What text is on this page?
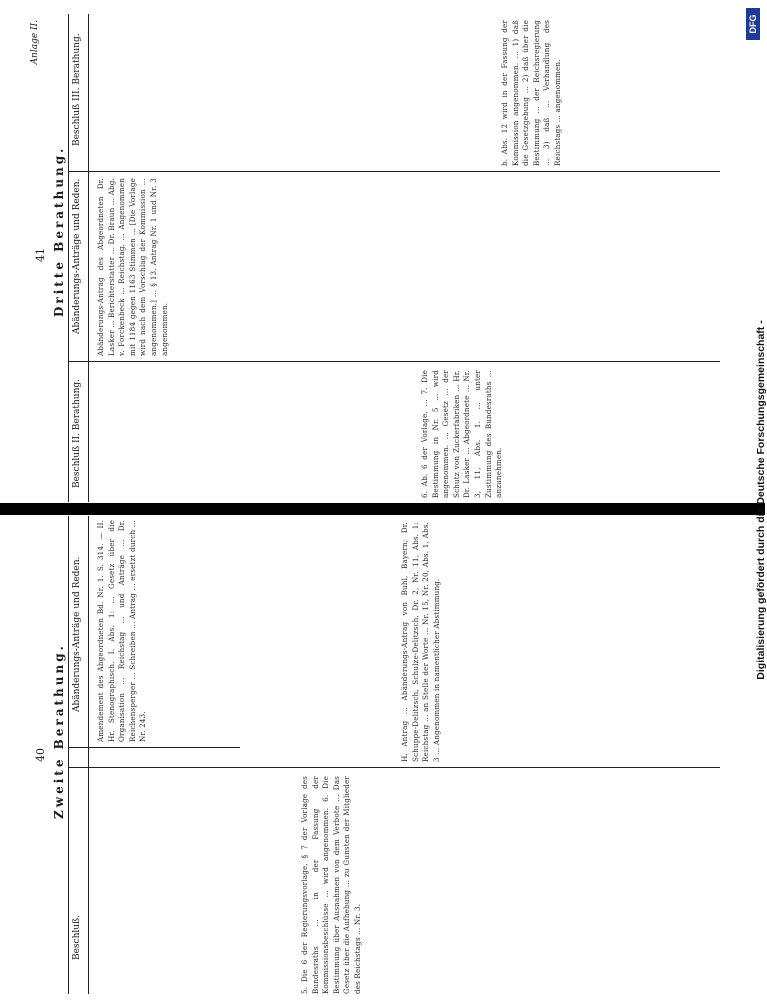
40 Zweite Berathung.
Beschluß.
Abänderungs-Anträge und Reden.
5. Die 6 der Regierungsvorlage, § 7 der Vorlage des Bundesraths ... in der Fassung der Kommissionsbeschlüsse ... wird angenommen. 6. Die Bestimmung über Ausnahmen von dem Verbote ... Das Gesetz über die Aufhebung ... zu Gunsten der Mitglieder des Reichstags ... Nr. 3.
H. Antrag ... Abänderungs-Antrag von Buhl, Bayern; Dr. Schuppe-Delitzsch, Schulze-Delitzsch, Dr. 2, Nr. 11, Abs. 1: Reichstag ... an Stelle der Worte ... Nr. 15, Nr. 20, Abs. 1, Abs. 3 ... Angenommen in namentlicher Abstimmung.
Amendement des Abgeordneten Bd. Nr. 1. S. 314. — II. Hr. Stenographisch. I. Abs. 1: ... Gesetz über die Organisation ... Reichstag ... und Anträge ... Dr. Reichensperger ... Schreiben ... Antrag ... ersetzt durch ... Nr. 243.
41 Dritte Berathung.
Anlage II.
Beschluß II. Berathung.
Abänderungs-Anträge und Reden.
Beschluß III. Berathung.
6. Ab. 6 der Vorlage. ... 7. Die Bestimmung in Nr. 5 ... wird angenommen. ... Gesetz ... der Schutz von Zuckerfabriken ... Hr. Dr. Lasker ... Abgeordnete ... Nr. 3, 11, Abs. 1. ... unter Zustimmung des Bundesraths ... anzunehmen.
Abänderungs-Antrag des Abgeordneten Dr. Lasker ... Berichterstatter ... Dr. Braun ... Abg. v. Forckenbeck ... Reichstag. ... Angenommen mit 1184 gegen 1163 Stimmen ... [Die Vorlage wird nach dem Vorschlag der Kommission ... angenommen.] ... § 13. Antrag Nr. 1 und Nr. 3 angenommen.
b. Abs. 12 wird in der Fassung der Kommission angenommen. ... 1) daß die Gesetzgebung ... 2) daß über die Bestimmung ... der Reichsregierung ... 3) daß ... Verhandlung des Reichstags ... angenommen.
Digitalisierung gefördert durch die Deutsche Forschungsgemeinschaft -
DFG
